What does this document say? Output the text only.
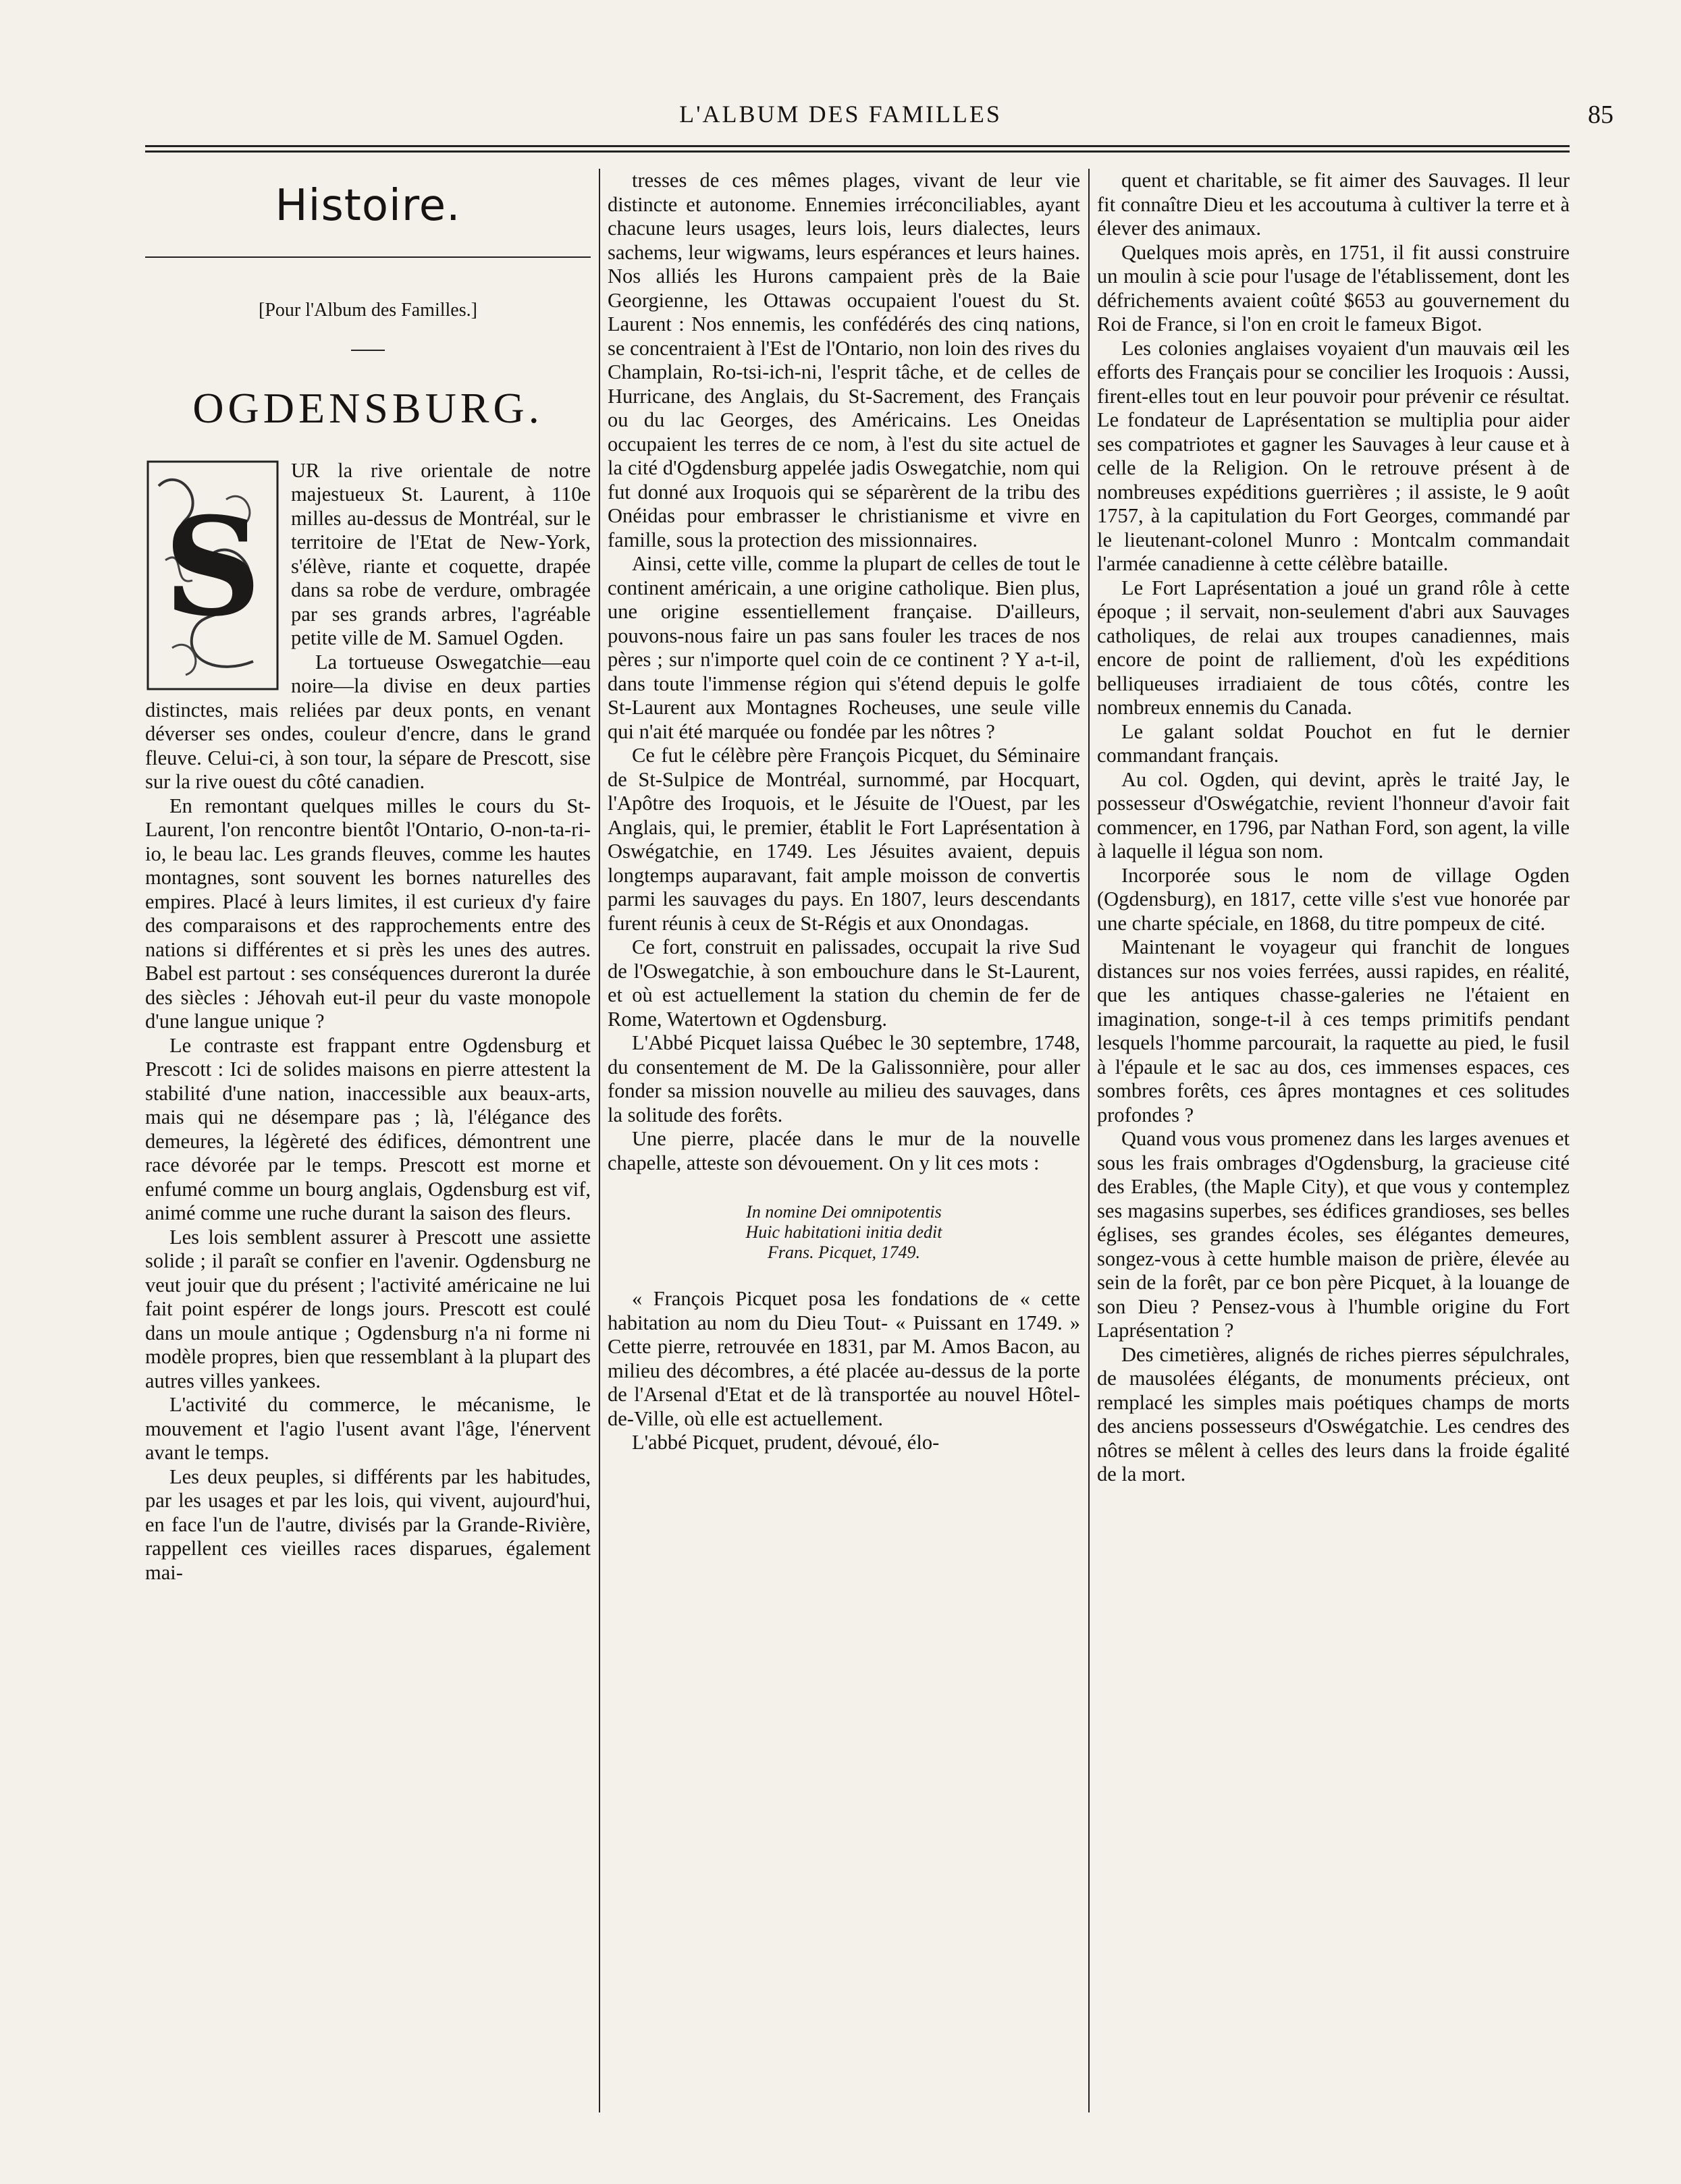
L'ALBUM DES FAMILLES	85
Histoire.
[Pour l'Album des Familles.]
OGDENSBURG.
S

UR la rive orientale de notre majestueux St. Laurent, à 110e milles au-dessus de Montréal, sur le territoire de l'Etat de New-York, s'élève, riante et coquette, drapée dans sa robe de verdure, ombragée par ses grands arbres, l'agréable petite ville de M. Samuel Ogden.

La tortueuse Oswegatchie—eau noire—la divise en deux parties distinctes, mais reliées par deux ponts, en venant déverser ses ondes, couleur d'encre, dans le grand fleuve. Celui-ci, à son tour, la sépare de Prescott, sise sur la rive ouest du côté canadien.

En remontant quelques milles le cours du St-Laurent, l'on rencontre bientôt l'Ontario, O-non-ta-ri-io, le beau lac. Les grands fleuves, comme les hautes montagnes, sont souvent les bornes naturelles des empires. Placé à leurs limites, il est curieux d'y faire des comparaisons et des rapprochements entre des nations si différentes et si près les unes des autres. Babel est partout : ses conséquences dureront la durée des siècles : Jéhovah eut-il peur du vaste monopole d'une langue unique ?

Le contraste est frappant entre Ogdensburg et Prescott : Ici de solides maisons en pierre attestent la stabilité d'une nation, inaccessible aux beaux-arts, mais qui ne désempare pas ; là, l'élégance des demeures, la légèreté des édifices, démontrent une race dévorée par le temps. Prescott est morne et enfumé comme un bourg anglais, Ogdensburg est vif, animé comme une ruche durant la saison des fleurs.

Les lois semblent assurer à Prescott une assiette solide ; il paraît se confier en l'avenir. Ogdensburg ne veut jouir que du présent ; l'activité américaine ne lui fait point espérer de longs jours. Prescott est coulé dans un moule antique ; Ogdensburg n'a ni forme ni modèle propres, bien que ressemblant à la plupart des autres villes yankees.

L'activité du commerce, le mécanisme, le mouvement et l'agio l'usent avant l'âge, l'énervent avant le temps.

Les deux peuples, si différents par les habitudes, par les usages et par les lois, qui vivent, aujourd'hui, en face l'un de l'autre, divisés par la Grande-Rivière, rappellent ces vieilles races disparues, également mai-

tresses de ces mêmes plages, vivant de leur vie distincte et autonome. Ennemies irréconciliables, ayant chacune leurs usages, leurs lois, leurs dialectes, leurs sachems, leur wigwams, leurs espérances et leurs haines. Nos alliés les Hurons campaient près de la Baie Georgienne, les Ottawas occupaient l'ouest du St. Laurent : Nos ennemis, les confédérés des cinq nations, se concentraient à l'Est de l'Ontario, non loin des rives du Champlain, Ro-tsi-ich-ni, l'esprit tâche, et de celles de Hurricane, des Anglais, du St-Sacrement, des Français ou du lac Georges, des Américains. Les Oneidas occupaient les terres de ce nom, à l'est du site actuel de la cité d'Ogdensburg appelée jadis Oswegatchie, nom qui fut donné aux Iroquois qui se séparèrent de la tribu des Onéidas pour embrasser le christianisme et vivre en famille, sous la protection des missionnaires.

Ainsi, cette ville, comme la plupart de celles de tout le continent américain, a une origine catholique. Bien plus, une origine essentiellement française. D'ailleurs, pouvons-nous faire un pas sans fouler les traces de nos pères ; sur n'importe quel coin de ce continent ? Y a-t-il, dans toute l'immense région qui s'étend depuis le golfe St-Laurent aux Montagnes Rocheuses, une seule ville qui n'ait été marquée ou fondée par les nôtres ?

Ce fut le célèbre père François Picquet, du Séminaire de St-Sulpice de Montréal, surnommé, par Hocquart, l'Apôtre des Iroquois, et le Jésuite de l'Ouest, par les Anglais, qui, le premier, établit le Fort Laprésentation à Oswégatchie, en 1749. Les Jésuites avaient, depuis longtemps auparavant, fait ample moisson de convertis parmi les sauvages du pays. En 1807, leurs descendants furent réunis à ceux de St-Régis et aux Onondagas.

Ce fort, construit en palissades, occupait la rive Sud de l'Oswegatchie, à son embouchure dans le St-Laurent, et où est actuellement la station du chemin de fer de Rome, Watertown et Ogdensburg.

L'Abbé Picquet laissa Québec le 30 septembre, 1748, du consentement de M. De la Galissonnière, pour aller fonder sa mission nouvelle au milieu des sauvages, dans la solitude des forêts.

Une pierre, placée dans le mur de la nouvelle chapelle, atteste son dévouement. On y lit ces mots :

In nomine Dei omnipotentis
Huic habitationi initia dedit
Frans. Picquet, 1749.

« François Picquet posa les fondations de « cette habitation au nom du Dieu Tout- « Puissant en 1749. » Cette pierre, retrouvée en 1831, par M. Amos Bacon, au milieu des décombres, a été placée au-dessus de la porte de l'Arsenal d'Etat et de là transportée au nouvel Hôtel-de-Ville, où elle est actuellement.

L'abbé Picquet, prudent, dévoué, élo-

quent et charitable, se fit aimer des Sauvages. Il leur fit connaître Dieu et les accoutuma à cultiver la terre et à élever des animaux.

Quelques mois après, en 1751, il fit aussi construire un moulin à scie pour l'usage de l'établissement, dont les défrichements avaient coûté $653 au gouvernement du Roi de France, si l'on en croit le fameux Bigot.

Les colonies anglaises voyaient d'un mauvais œil les efforts des Français pour se concilier les Iroquois : Aussi, firent-elles tout en leur pouvoir pour prévenir ce résultat. Le fondateur de Laprésentation se multiplia pour aider ses compatriotes et gagner les Sauvages à leur cause et à celle de la Religion. On le retrouve présent à de nombreuses expéditions guerrières ; il assiste, le 9 août 1757, à la capitulation du Fort Georges, commandé par le lieutenant-colonel Munro : Montcalm commandait l'armée canadienne à cette célèbre bataille.

Le Fort Laprésentation a joué un grand rôle à cette époque ; il servait, non-seulement d'abri aux Sauvages catholiques, de relai aux troupes canadiennes, mais encore de point de ralliement, d'où les expéditions belliqueuses irradiaient de tous côtés, contre les nombreux ennemis du Canada.

Le galant soldat Pouchot en fut le dernier commandant français.

Au col. Ogden, qui devint, après le traité Jay, le possesseur d'Oswégatchie, revient l'honneur d'avoir fait commencer, en 1796, par Nathan Ford, son agent, la ville à laquelle il légua son nom.

Incorporée sous le nom de village Ogden (Ogdensburg), en 1817, cette ville s'est vue honorée par une charte spéciale, en 1868, du titre pompeux de cité.

Maintenant le voyageur qui franchit de longues distances sur nos voies ferrées, aussi rapides, en réalité, que les antiques chasse-galeries ne l'étaient en imagination, songe-t-il à ces temps primitifs pendant lesquels l'homme parcourait, la raquette au pied, le fusil à l'épaule et le sac au dos, ces immenses espaces, ces sombres forêts, ces âpres montagnes et ces solitudes profondes ?

Quand vous vous promenez dans les larges avenues et sous les frais ombrages d'Ogdensburg, la gracieuse cité des Erables, (the Maple City), et que vous y contemplez ses magasins superbes, ses édifices grandioses, ses belles églises, ses grandes écoles, ses élégantes demeures, songez-vous à cette humble maison de prière, élevée au sein de la forêt, par ce bon père Picquet, à la louange de son Dieu ? Pensez-vous à l'humble origine du Fort Laprésentation ?

Des cimetières, alignés de riches pierres sépulchrales, de mausolées élégants, de monuments précieux, ont remplacé les simples mais poétiques champs de morts des anciens possesseurs d'Oswégatchie. Les cendres des nôtres se mêlent à celles des leurs dans la froide égalité de la mort.
